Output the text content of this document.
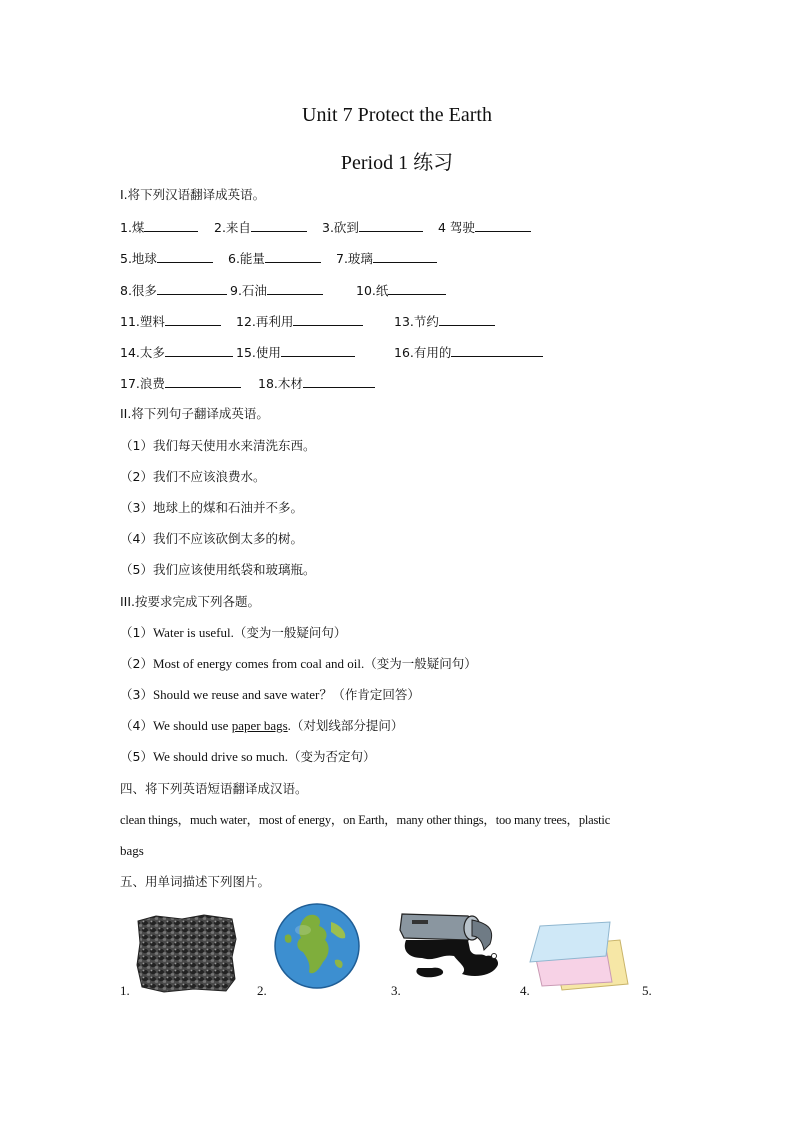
Unit 7 Protect the Earth
Period 1 练习
I.将下列汉语翻译成英语。
1.煤	2.来自	3.砍到	4 驾驶
5.地球	6.能量	7.玻璃
8.很多	9.石油	10.纸
11.塑料	12.再利用	13.节约
14.太多	15.使用	16.有用的
17.浪费	18.木材
II.将下列句子翻译成英语。
（1）我们每天使用水来清洗东西。
（2）我们不应该浪费水。
（3）地球上的煤和石油并不多。
（4）我们不应该砍倒太多的树。
（5）我们应该使用纸袋和玻璃瓶。
III.按要求完成下列各题。
（1）Water is useful.（变为一般疑问句）
（2）Most of energy comes from coal and oil.（变为一般疑问句）
（3）Should we reuse and save water？（作肯定回答）
（4）We should use paper bags.（对划线部分提问）
（5）We should drive so much.（变为否定句）
四、将下列英语短语翻译成汉语。
clean things，much water，most of energy，on Earth，many other things，too many trees，plastic
bags
五、用单词描述下列图片。
1.	2.	3.	4.	5.
